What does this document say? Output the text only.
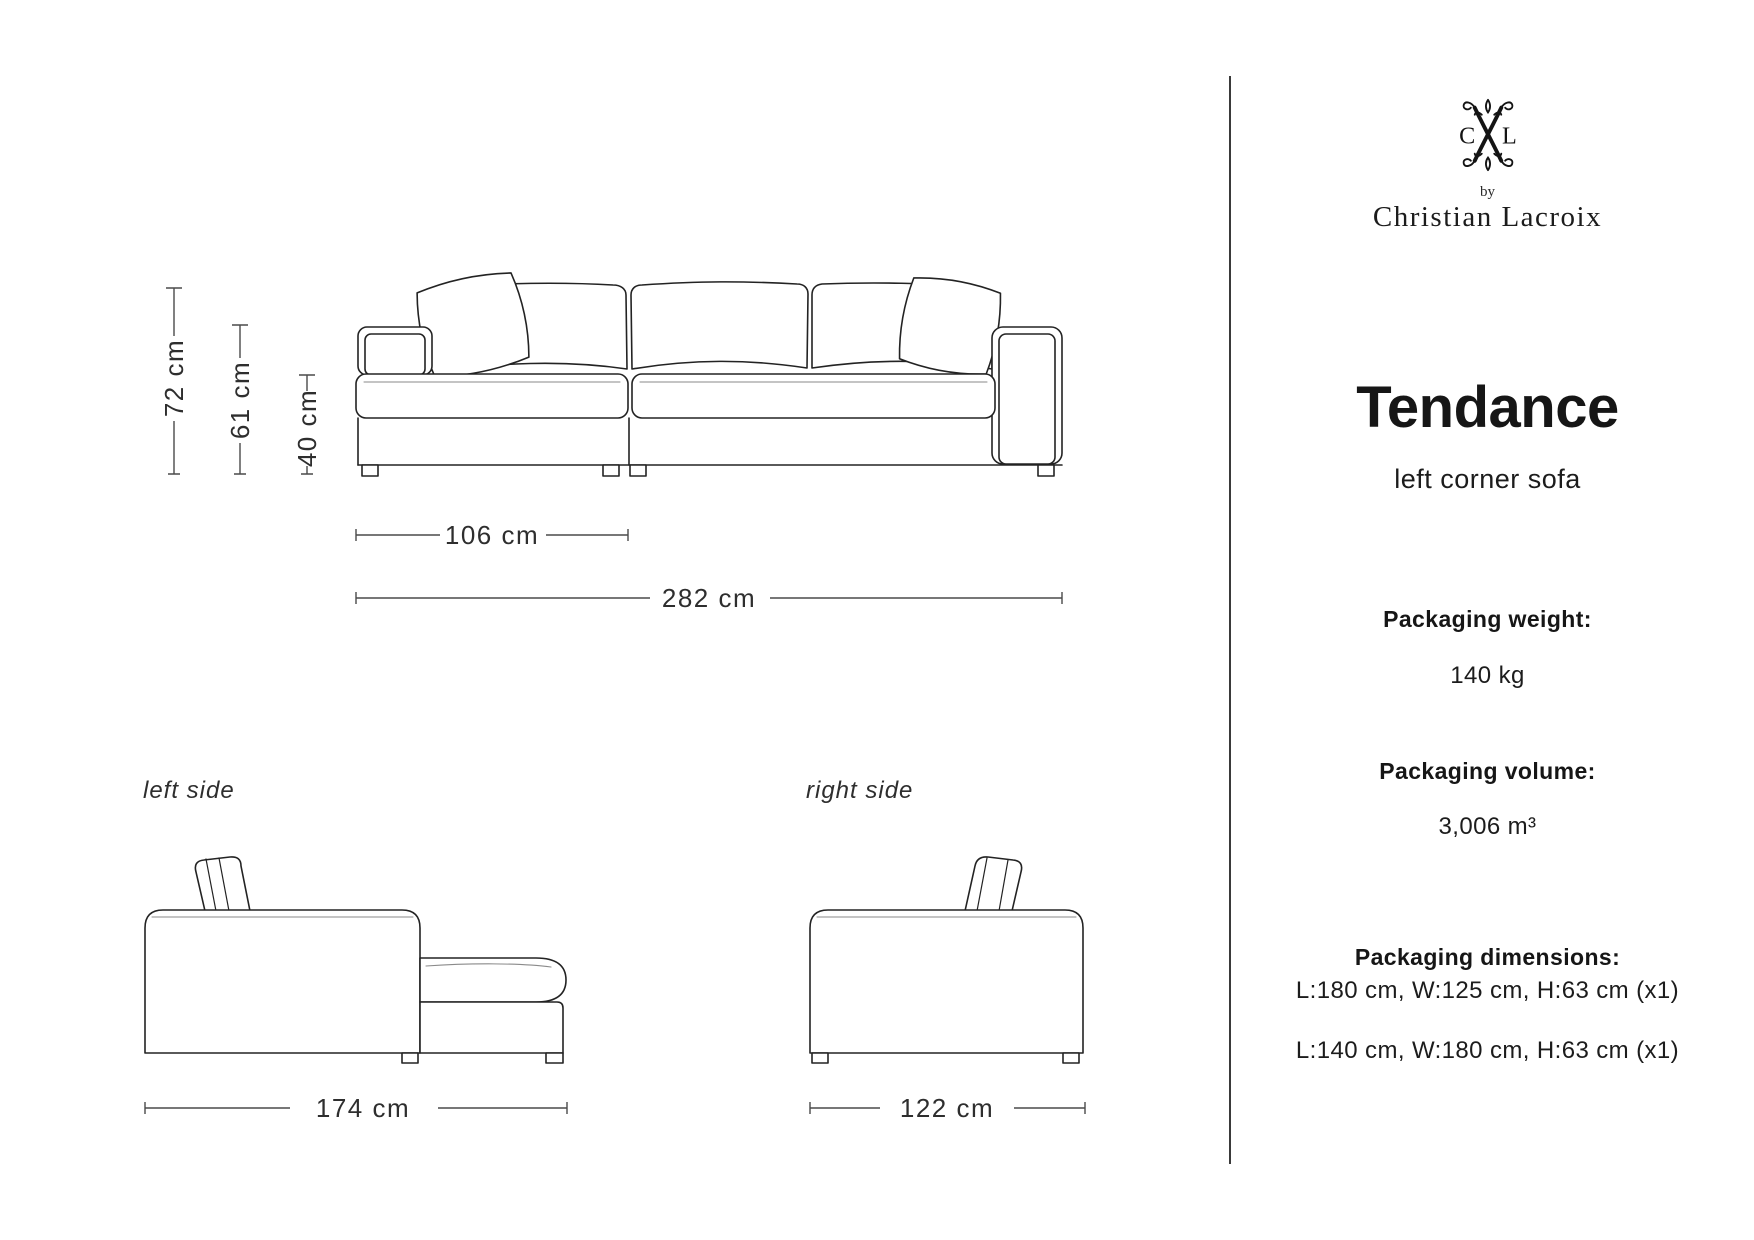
72 cm 61 cm 40 cm
106 cm
282 cm
left side
174 cm
right side
122 cm
C L
by
Christian Lacroix
Tendance
left corner sofa
Packaging weight:
140 kg
Packaging volume:
3,006 m³
Packaging dimensions:
L:180 cm, W:125 cm, H:63 cm (x1)
L:140 cm, W:180 cm, H:63 cm (x1)
